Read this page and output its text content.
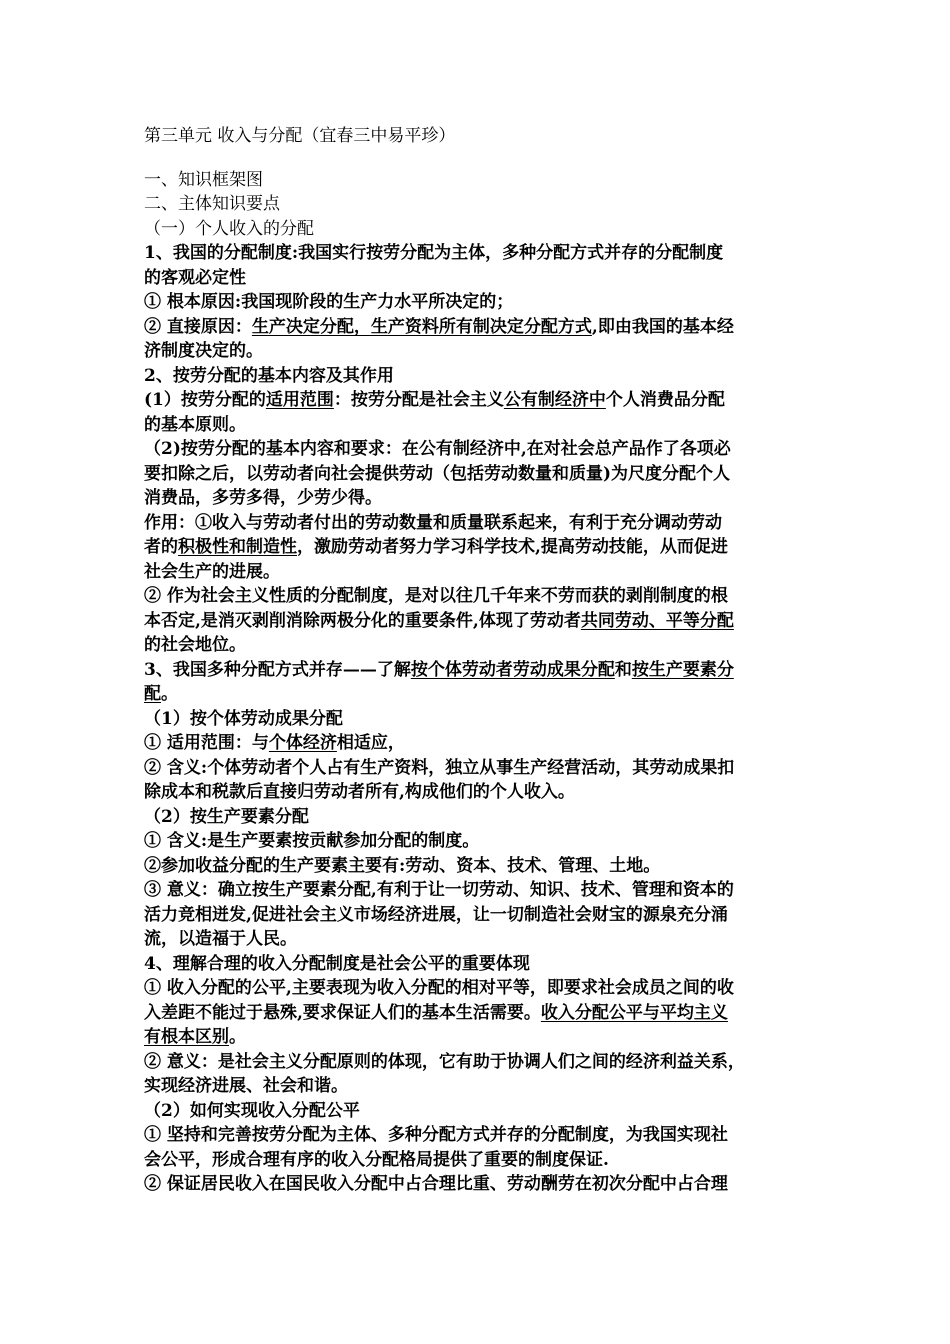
第三单元 收入与分配（宜春三中易平珍）
一、知识框架图
二、主体知识要点
（一）个人收入的分配
1、我国的分配制度:我国实行按劳分配为主体，多种分配方式并存的分配制度
的客观必定性
① 根本原因:我国现阶段的生产力水平所决定的；
② 直接原因：生产决定分配，生产资料所有制决定分配方式,即由我国的基本经
济制度决定的。
2、按劳分配的基本内容及其作用
(1）按劳分配的适用范围：按劳分配是社会主义公有制经济中个人消费品分配
的基本原则。
（2)按劳分配的基本内容和要求：在公有制经济中,在对社会总产品作了各项必
要扣除之后，以劳动者向社会提供劳动（包括劳动数量和质量)为尺度分配个人
消费品，多劳多得，少劳少得。
作用：①收入与劳动者付出的劳动数量和质量联系起来，有利于充分调动劳动
者的积极性和制造性，激励劳动者努力学习科学技术,提高劳动技能，从而促进
社会生产的进展。
② 作为社会主义性质的分配制度，是对以往几千年来不劳而获的剥削制度的根
本否定,是消灭剥削消除两极分化的重要条件,体现了劳动者共同劳动、平等分配
的社会地位。
3、我国多种分配方式并存——了解按个体劳动者劳动成果分配和按生产要素分
配。
（1）按个体劳动成果分配
① 适用范围：与个体经济相适应，
② 含义:个体劳动者个人占有生产资料，独立从事生产经营活动，其劳动成果扣
除成本和税款后直接归劳动者所有,构成他们的个人收入。
（2）按生产要素分配
① 含义:是生产要素按贡献参加分配的制度。
②参加收益分配的生产要素主要有:劳动、资本、技术、管理、土地。
③ 意义：确立按生产要素分配,有利于让一切劳动、知识、技术、管理和资本的
活力竞相迸发,促进社会主义市场经济进展，让一切制造社会财宝的源泉充分涌
流，以造福于人民。
4、理解合理的收入分配制度是社会公平的重要体现
① 收入分配的公平,主要表现为收入分配的相对平等，即要求社会成员之间的收
入差距不能过于悬殊,要求保证人们的基本生活需要。收入分配公平与平均主义
有根本区别。
② 意义：是社会主义分配原则的体现，它有助于协调人们之间的经济利益关系，
实现经济进展、社会和谐。
（2）如何实现收入分配公平
① 坚持和完善按劳分配为主体、多种分配方式并存的分配制度，为我国实现社
会公平，形成合理有序的收入分配格局提供了重要的制度保证.
② 保证居民收入在国民收入分配中占合理比重、劳动酬劳在初次分配中占合理
